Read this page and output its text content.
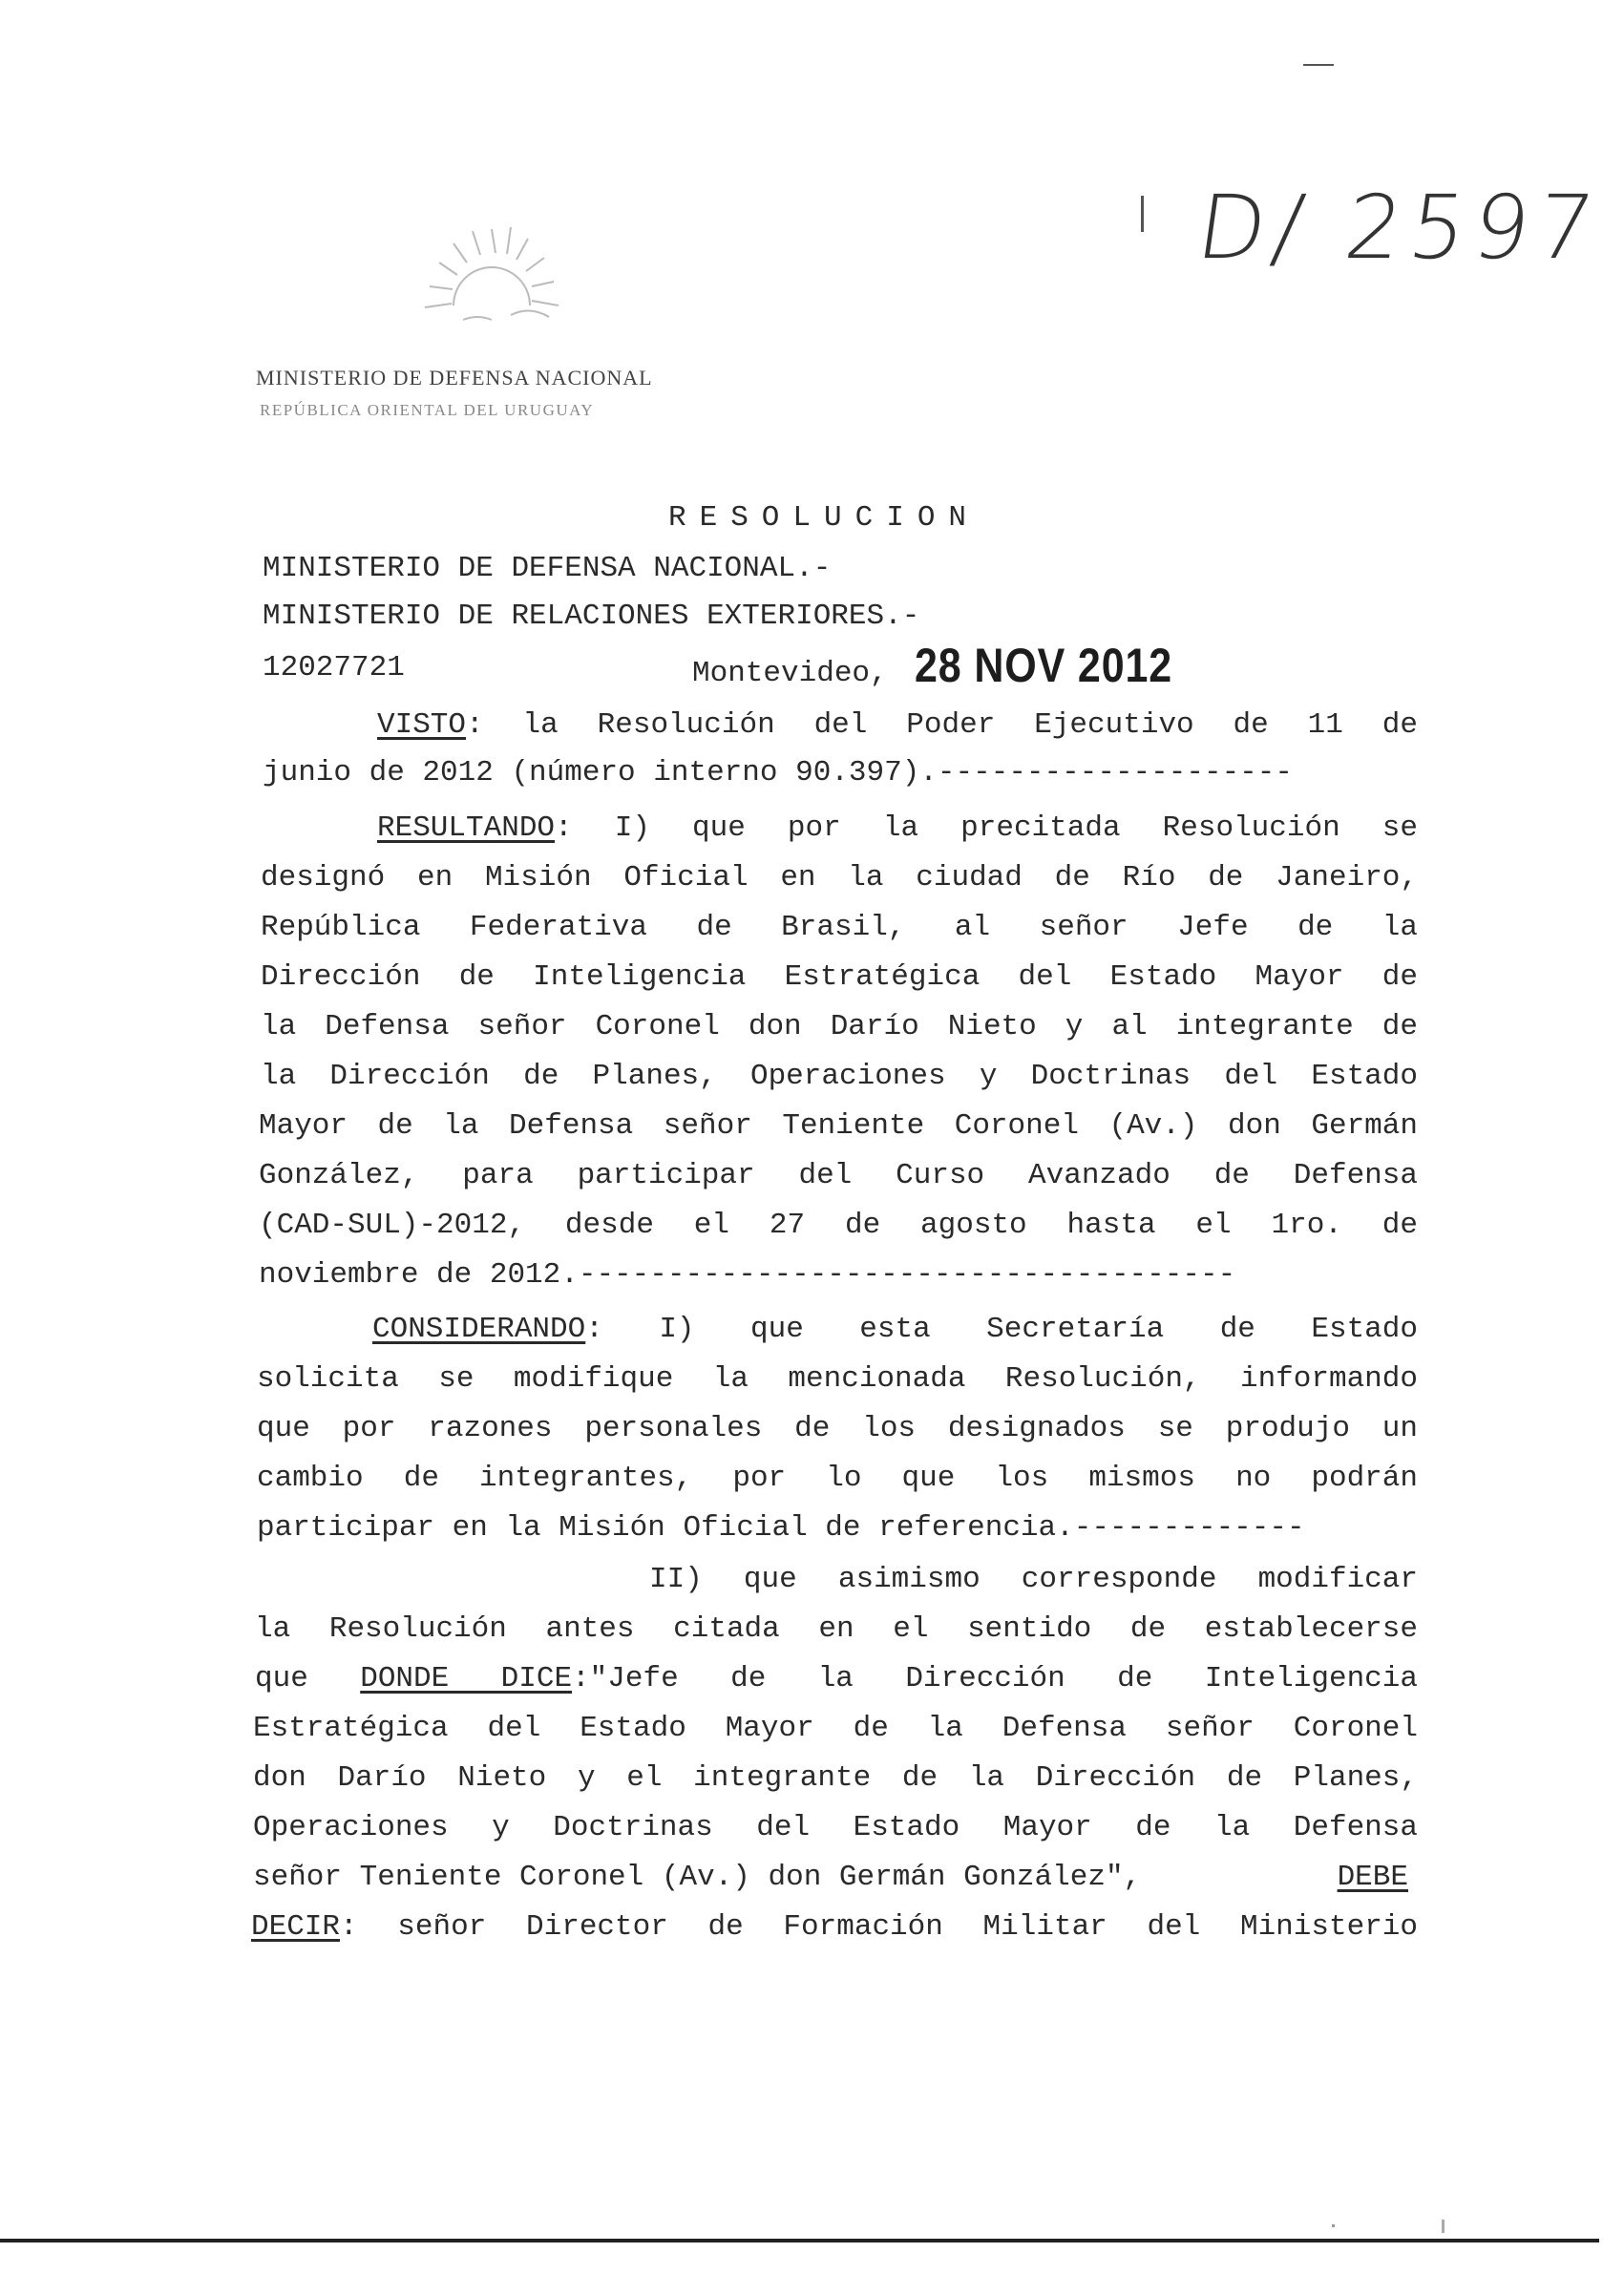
MINISTERIO DE DEFENSA NACIONAL
REPÚBLICA ORIENTAL DEL URUGUAY
D/ 2597
RESOLUCION
MINISTERIO DE DEFENSA NACIONAL.-
MINISTERIO DE RELACIONES EXTERIORES.-
12027721	Montevideo, 28 NOV 2012
VISTO: la Resolución del Poder Ejecutivo de 11 de
junio de 2012 (número interno 90.397).--------------------
RESULTANDO: I) que por la precitada Resolución se
designó en Misión Oficial en la ciudad de Río de Janeiro,
República Federativa de Brasil, al señor Jefe de la
Dirección de Inteligencia Estratégica del Estado Mayor de
la Defensa señor Coronel don Darío Nieto y al integrante de
la Dirección de Planes, Operaciones y Doctrinas del Estado
Mayor de la Defensa señor Teniente Coronel (Av.) don Germán
González, para participar del Curso Avanzado de Defensa
(CAD-SUL)-2012, desde el 27 de agosto hasta el 1ro. de
noviembre de 2012.-------------------------------------
CONSIDERANDO: I) que esta Secretaría de Estado
solicita se modifique la mencionada Resolución, informando
que por razones personales de los designados se produjo un
cambio de integrantes, por lo que los mismos no podrán
participar en la Misión Oficial de referencia.-------------
II) que asimismo corresponde modificar
la Resolución antes citada en el sentido de establecerse
que DONDE DICE:"Jefe de la Dirección de Inteligencia
Estratégica del Estado Mayor de la Defensa señor Coronel
don Darío Nieto y el integrante de la Dirección de Planes,
Operaciones y Doctrinas del Estado Mayor de la Defensa
señor Teniente Coronel (Av.) don Germán González",	DEBE
DECIR: señor Director de Formación Militar del Ministerio
